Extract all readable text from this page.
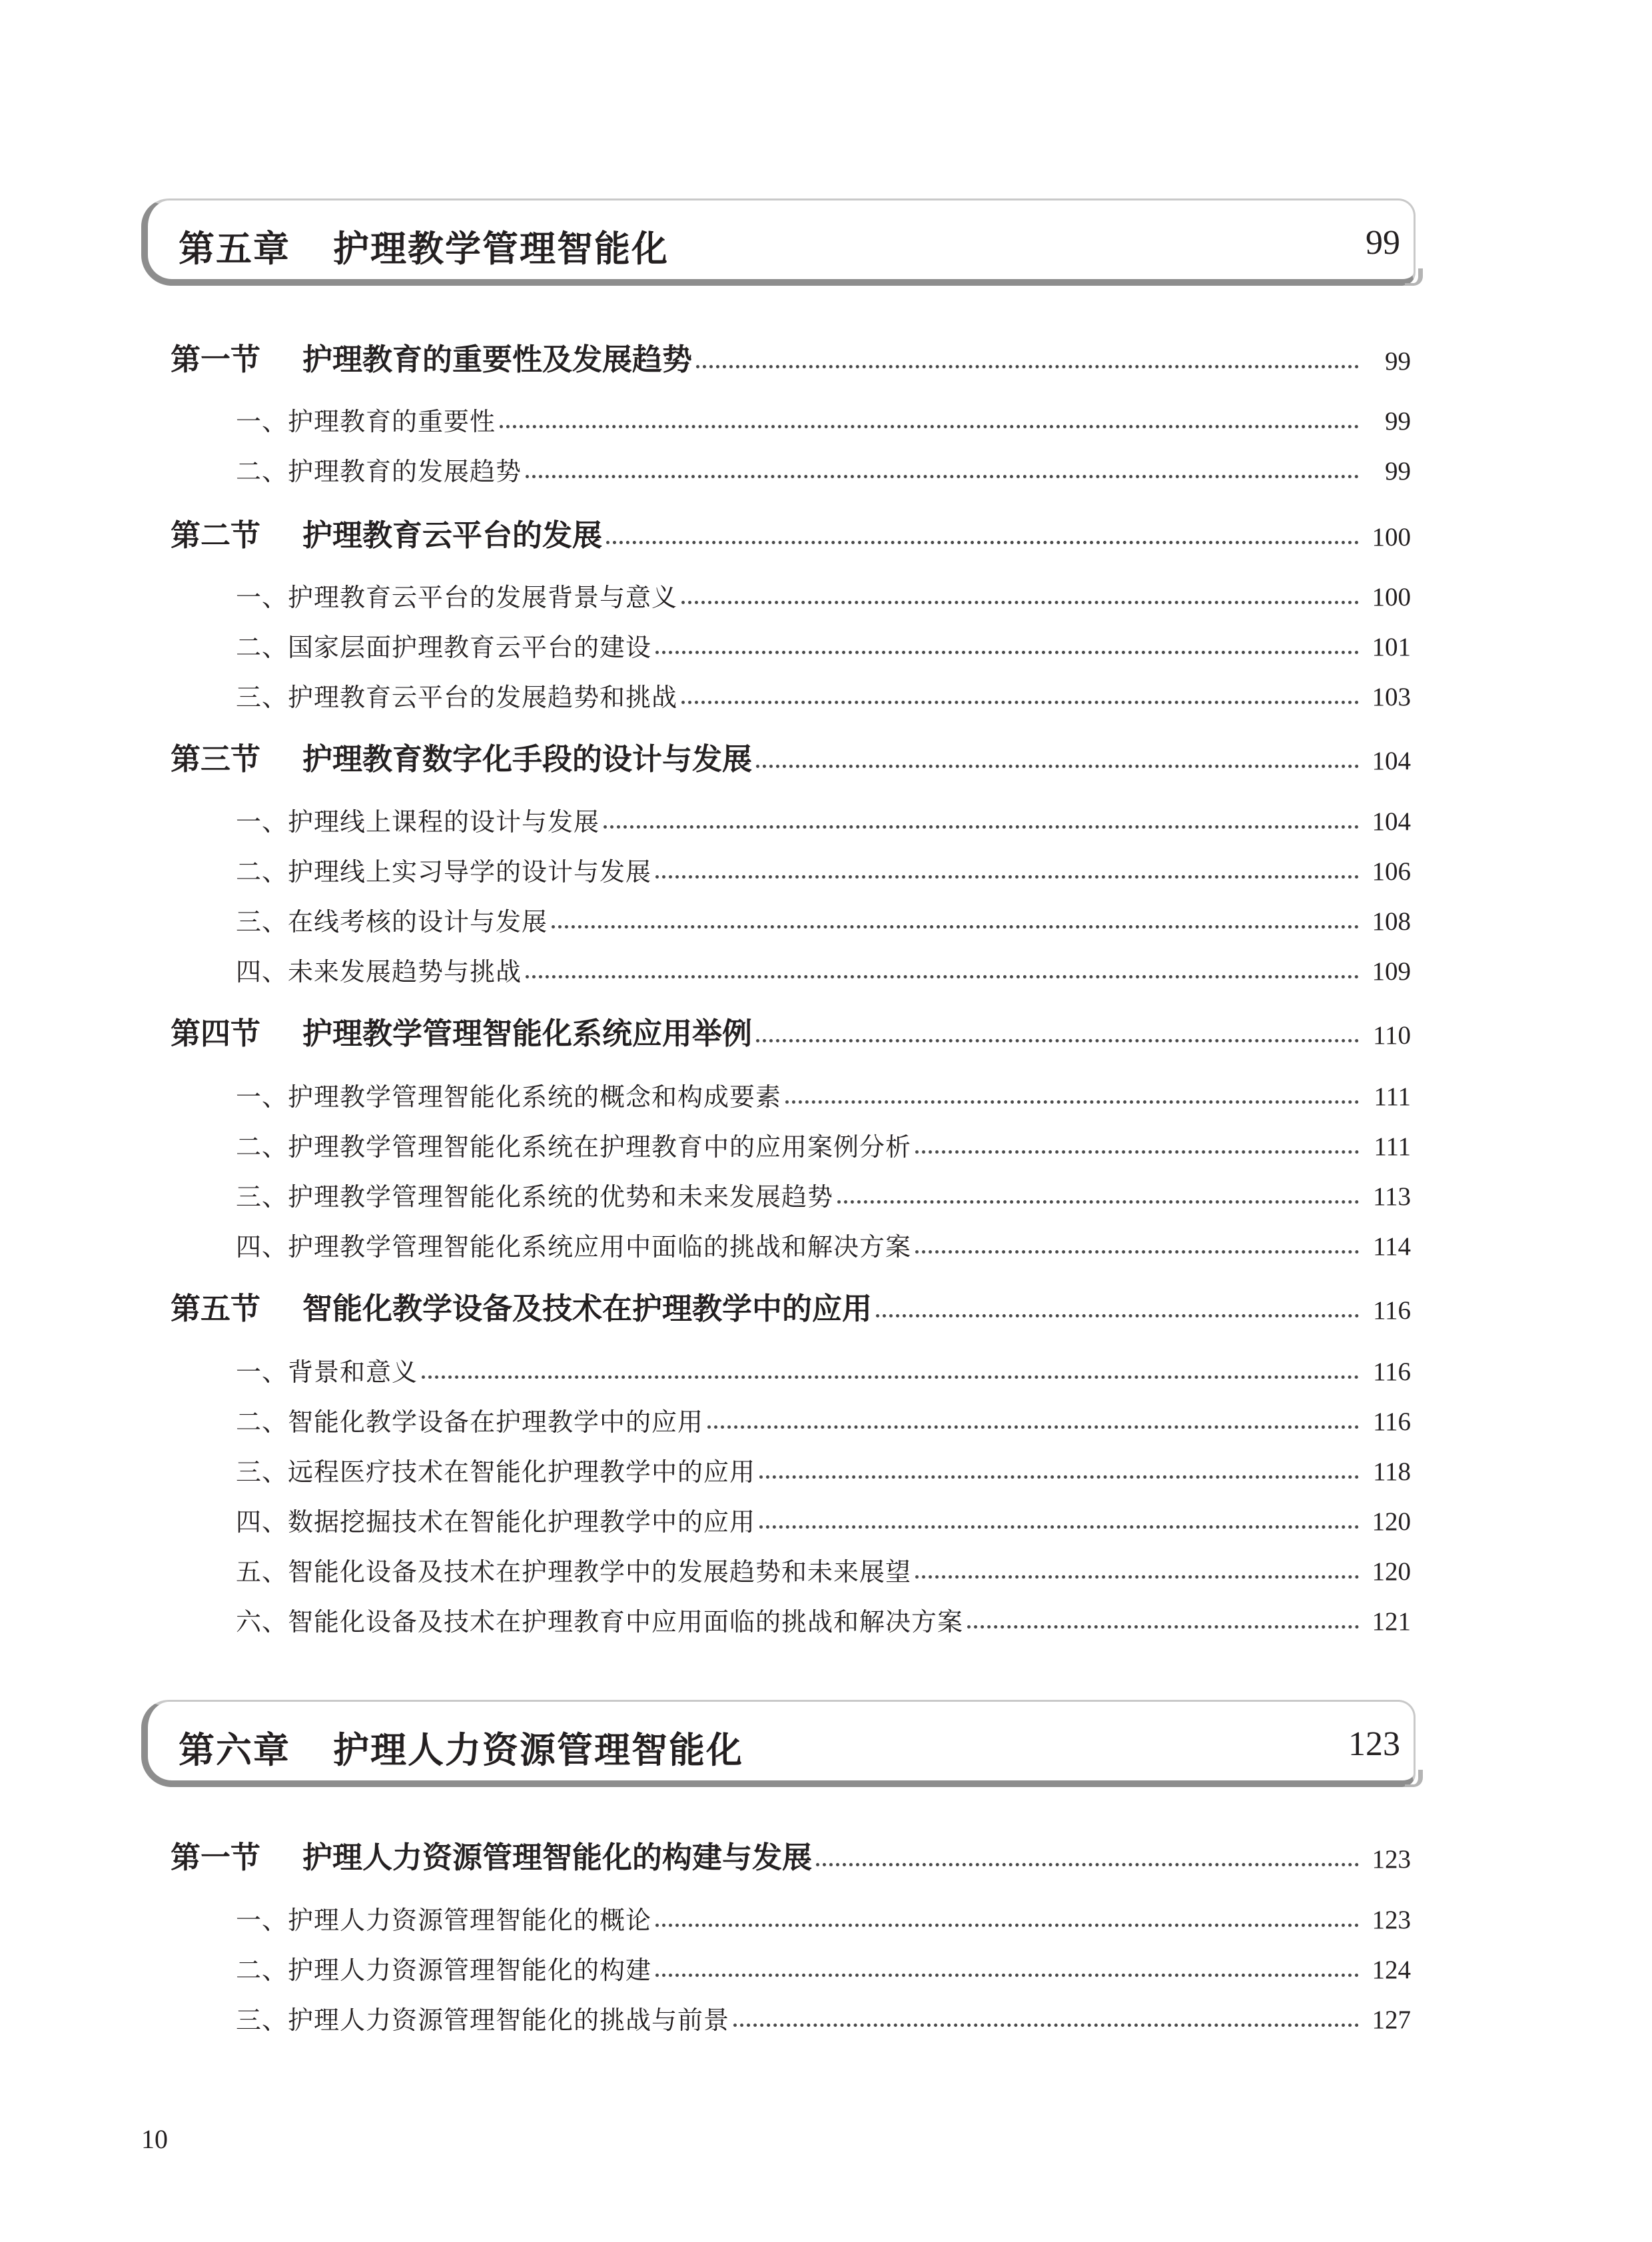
第五章 护理教学管理智能化	99
第一节	护理教育的重要性及发展趋势	99
一、护理教育的重要性	99
二、护理教育的发展趋势	99
第二节	护理教育云平台的发展	100
一、护理教育云平台的发展背景与意义	100
二、国家层面护理教育云平台的建设	101
三、护理教育云平台的发展趋势和挑战	103
第三节	护理教育数字化手段的设计与发展	104
一、护理线上课程的设计与发展	104
二、护理线上实习导学的设计与发展	106
三、在线考核的设计与发展	108
四、未来发展趋势与挑战	109
第四节	护理教学管理智能化系统应用举例	110
一、护理教学管理智能化系统的概念和构成要素	111
二、护理教学管理智能化系统在护理教育中的应用案例分析	111
三、护理教学管理智能化系统的优势和未来发展趋势	113
四、护理教学管理智能化系统应用中面临的挑战和解决方案	114
第五节	智能化教学设备及技术在护理教学中的应用	116
一、背景和意义	116
二、智能化教学设备在护理教学中的应用	116
三、远程医疗技术在智能化护理教学中的应用	118
四、数据挖掘技术在智能化护理教学中的应用	120
五、智能化设备及技术在护理教学中的发展趋势和未来展望	120
六、智能化设备及技术在护理教育中应用面临的挑战和解决方案	121
第六章 护理人力资源管理智能化	123
第一节	护理人力资源管理智能化的构建与发展	123
一、护理人力资源管理智能化的概论	123
二、护理人力资源管理智能化的构建	124
三、护理人力资源管理智能化的挑战与前景	127
10
